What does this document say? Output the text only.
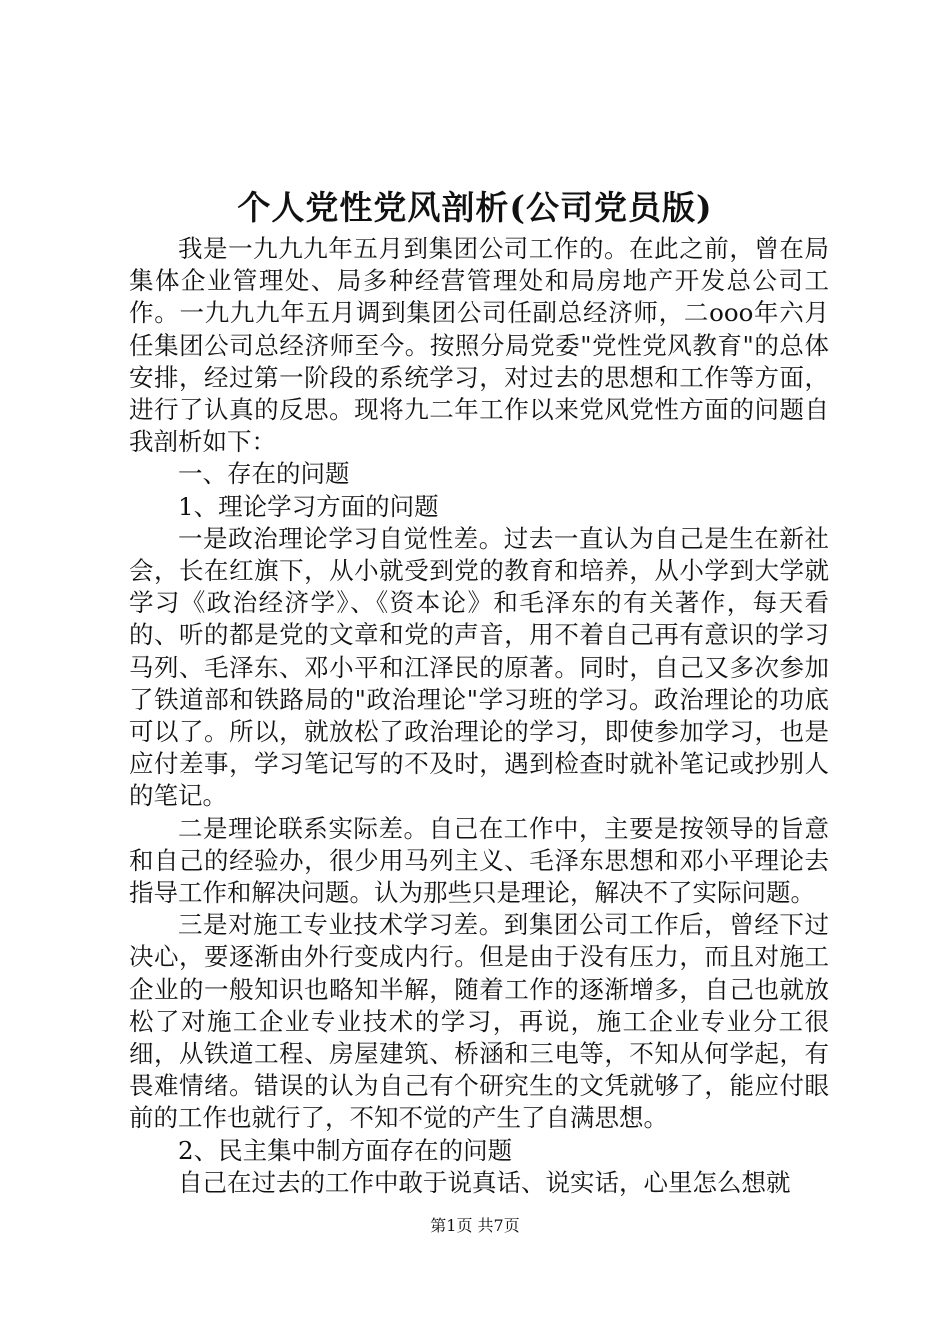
个人党性党风剖析(公司党员版)

我是一九九九年五月到集团公司工作的。在此之前，曾在局集体企业管理处、局多种经营管理处和局房地产开发总公司工作。一九九九年五月调到集团公司任副总经济师，二ooo年六月任集团公司总经济师至今。按照分局党委"党性党风教育"的总体安排，经过第一阶段的系统学习，对过去的思想和工作等方面，进行了认真的反思。现将九二年工作以来党风党性方面的问题自我剖析如下：

一、存在的问题

1、理论学习方面的问题

一是政治理论学习自觉性差。过去一直认为自己是生在新社会，长在红旗下，从小就受到党的教育和培养，从小学到大学就学习《政治经济学》、《资本论》和毛泽东的有关著作，每天看的、听的都是党的文章和党的声音，用不着自己再有意识的学习马列、毛泽东、邓小平和江泽民的原著。同时，自己又多次参加了铁道部和铁路局的"政治理论"学习班的学习。政治理论的功底可以了。所以，就放松了政治理论的学习，即使参加学习，也是应付差事，学习笔记写的不及时，遇到检查时就补笔记或抄别人的笔记。

二是理论联系实际差。自己在工作中，主要是按领导的旨意和自己的经验办，很少用马列主义、毛泽东思想和邓小平理论去指导工作和解决问题。认为那些只是理论，解决不了实际问题。

三是对施工专业技术学习差。到集团公司工作后，曾经下过决心，要逐渐由外行变成内行。但是由于没有压力，而且对施工企业的一般知识也略知半解，随着工作的逐渐增多，自己也就放松了对施工企业专业技术的学习，再说，施工企业专业分工很细，从铁道工程、房屋建筑、桥涵和三电等，不知从何学起，有畏难情绪。错误的认为自己有个研究生的文凭就够了，能应付眼前的工作也就行了，不知不觉的产生了自满思想。

2、民主集中制方面存在的问题

自己在过去的工作中敢于说真话、说实话，心里怎么想就

第1页 共7页
